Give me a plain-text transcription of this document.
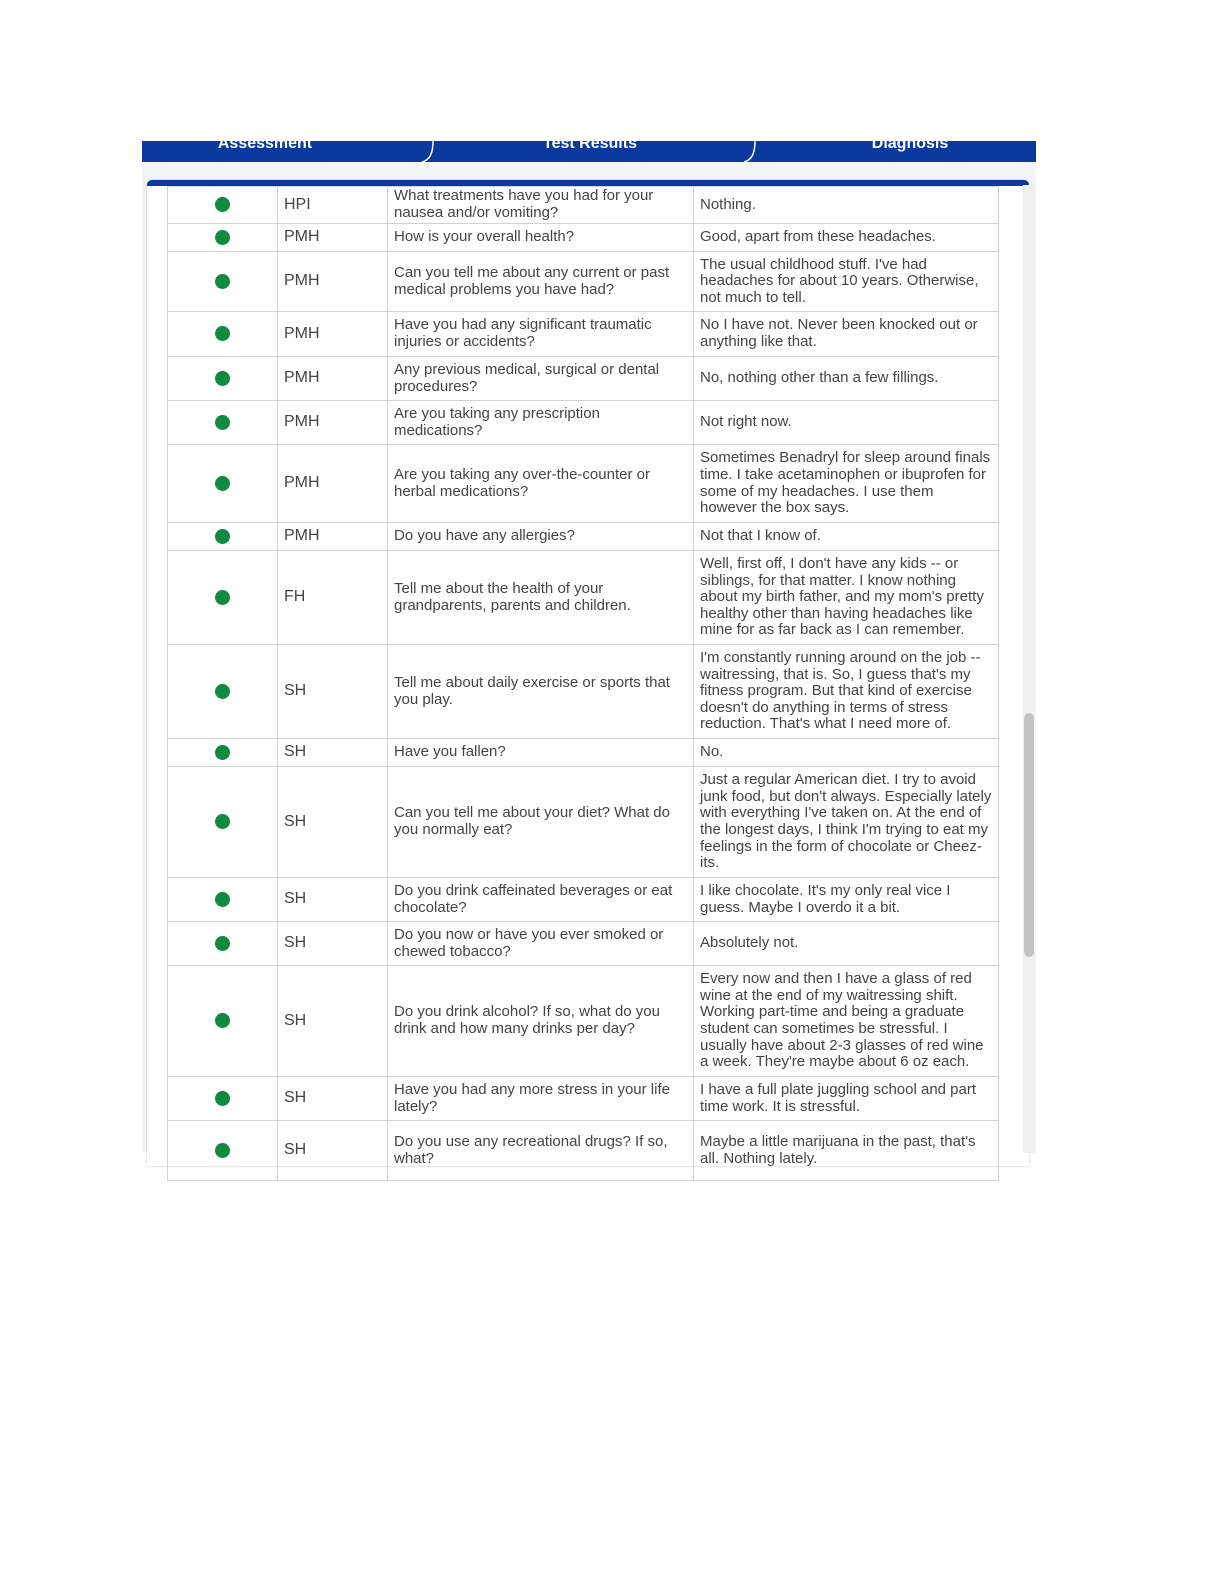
Assessment	Test Results	Diagnosis
	HPI	What treatments have you had for your nausea and/or vomiting?	Nothing.
	PMH	How is your overall health?	Good, apart from these headaches.
	PMH	Can you tell me about any current or past medical problems you have had?	The usual childhood stuff. I've had headaches for about 10 years. Otherwise, not much to tell.
	PMH	Have you had any significant traumatic injuries or accidents?	No I have not. Never been knocked out or anything like that.
	PMH	Any previous medical, surgical or dental procedures?	No, nothing other than a few fillings.
	PMH	Are you taking any prescription medications?	Not right now.
	PMH	Are you taking any over-the-counter or herbal medications?	Sometimes Benadryl for sleep around finals time. I take acetaminophen or ibuprofen for some of my headaches. I use them however the box says.
	PMH	Do you have any allergies?	Not that I know of.
	FH	Tell me about the health of your grandparents, parents and children.	Well, first off, I don't have any kids -- or siblings, for that matter. I know nothing about my birth father, and my mom's pretty healthy other than having headaches like mine for as far back as I can remember.
	SH	Tell me about daily exercise or sports that you play.	I'm constantly running around on the job -- waitressing, that is. So, I guess that's my fitness program. But that kind of exercise doesn't do anything in terms of stress reduction. That's what I need more of.
	SH	Have you fallen?	No.
	SH	Can you tell me about your diet? What do you normally eat?	Just a regular American diet. I try to avoid junk food, but don't always. Especially lately with everything I've taken on. At the end of the longest days, I think I'm trying to eat my feelings in the form of chocolate or Cheez-its.
	SH	Do you drink caffeinated beverages or eat chocolate?	I like chocolate. It's my only real vice I guess. Maybe I overdo it a bit.
	SH	Do you now or have you ever smoked or chewed tobacco?	Absolutely not.
	SH	Do you drink alcohol? If so, what do you drink and how many drinks per day?	Every now and then I have a glass of red wine at the end of my waitressing shift. Working part-time and being a graduate student can sometimes be stressful. I usually have about 2-3 glasses of red wine a week. They're maybe about 6 oz each.
	SH	Have you had any more stress in your life lately?	I have a full plate juggling school and part time work. It is stressful.
	SH	Do you use any recreational drugs? If so, what?	Maybe a little marijuana in the past, that's all. Nothing lately.
